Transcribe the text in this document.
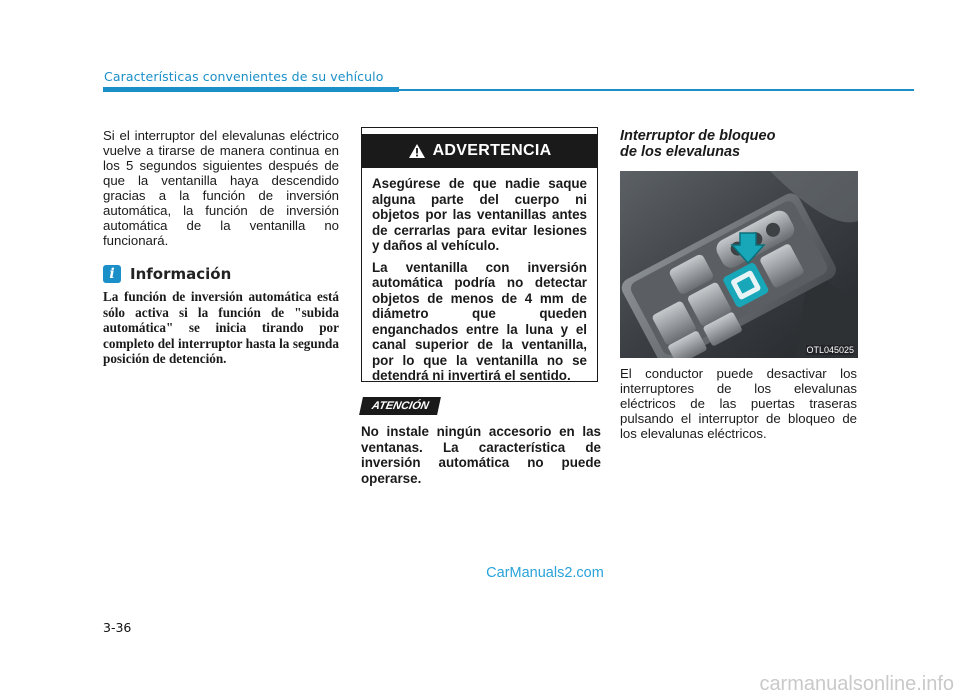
Características convenientes de su vehículo

Si el interruptor del elevalunas eléctrico vuelve a tirarse de manera continua en los 5 segundos siguientes después de que la ventanilla haya descendido gracias a la función de inversión automática, la función de inversión automática de la ventanilla no funcionará.

i	Información
La función de inversión automática está sólo activa si la función de "subida automática" se inicia tirando por completo del interruptor hasta la segunda posición de detención.
ADVERTENCIA

Asegúrese de que nadie saque alguna parte del cuerpo ni objetos por las ventanillas antes de cerrarlas para evitar lesiones y daños al vehículo.

La ventanilla con inversión automática podría no detectar objetos de menos de 4 mm de diámetro que queden enganchados entre la luna y el canal superior de la ventanilla, por lo que la ventanilla no se detendrá ni invertirá el sentido.

ATENCIÓN
No instale ningún accesorio en las ventanas. La característica de inversión automática no puede operarse.

Interruptor de bloqueo
de los elevalunas

OTL045025

El conductor puede desactivar los interruptores de los elevalunas eléctricos de las puertas traseras pulsando el interruptor de bloqueo de los elevalunas eléctricos.

CarManuals2.com
3-36
carmanualsonline.info
